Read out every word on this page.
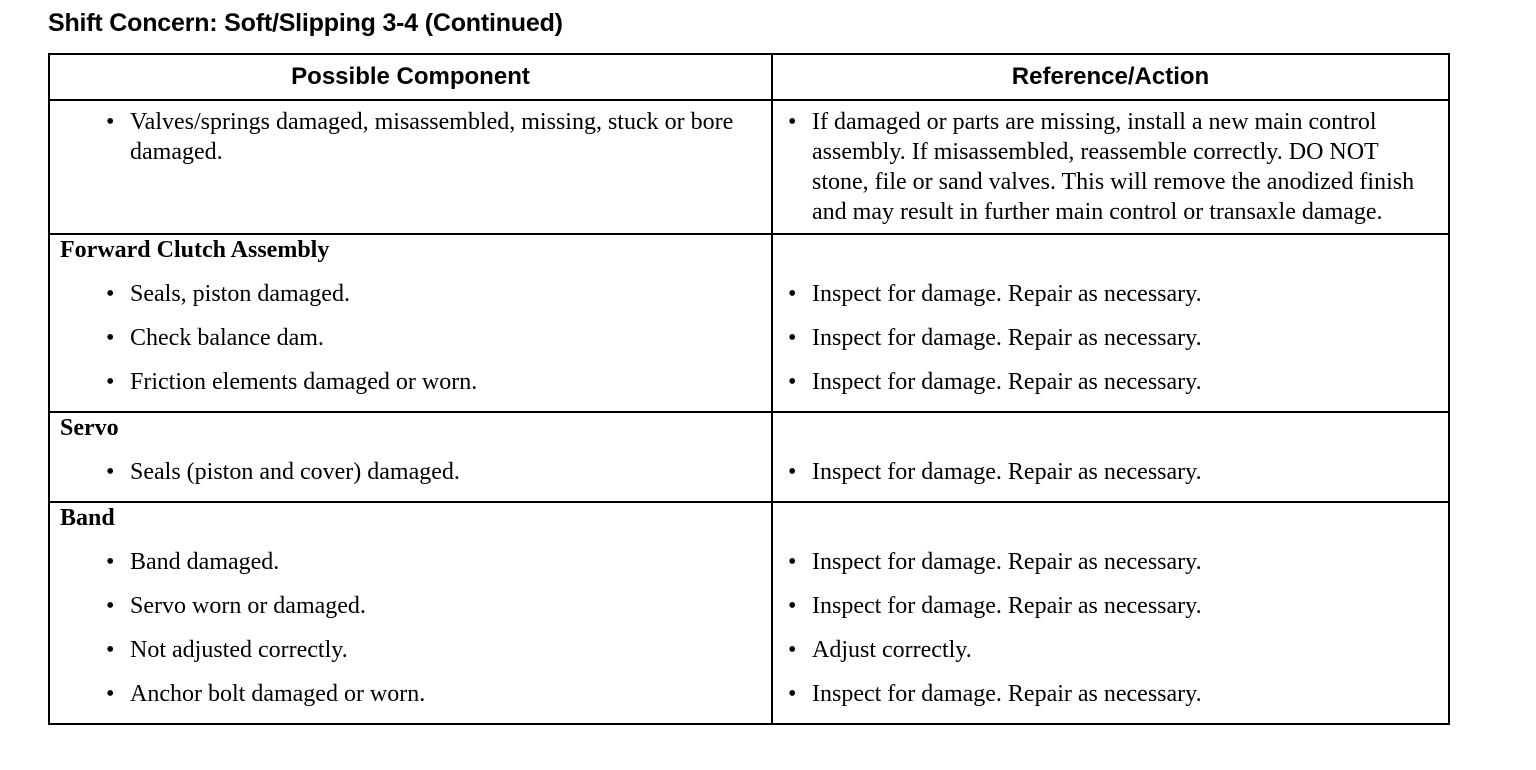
Shift Concern: Soft/Slipping 3-4 (Continued)
Possible Component	Reference/Action

• Valves/springs damaged, misassembled, missing, stuck or bore damaged.	• If damaged or parts are missing, install a new main control assembly. If misassembled, reassemble correctly. DO NOT stone, file or sand valves. This will remove the anodized finish and may result in further main control or transaxle damage.

Forward Clutch Assembly	

• Seals, piston damaged.	• Inspect for damage. Repair as necessary.

• Check balance dam.	• Inspect for damage. Repair as necessary.

• Friction elements damaged or worn.	• Inspect for damage. Repair as necessary.

Servo	

• Seals (piston and cover) damaged.	• Inspect for damage. Repair as necessary.

Band	

• Band damaged.	• Inspect for damage. Repair as necessary.

• Servo worn or damaged.	• Inspect for damage. Repair as necessary.

• Not adjusted correctly.	• Adjust correctly.

• Anchor bolt damaged or worn.	• Inspect for damage. Repair as necessary.
